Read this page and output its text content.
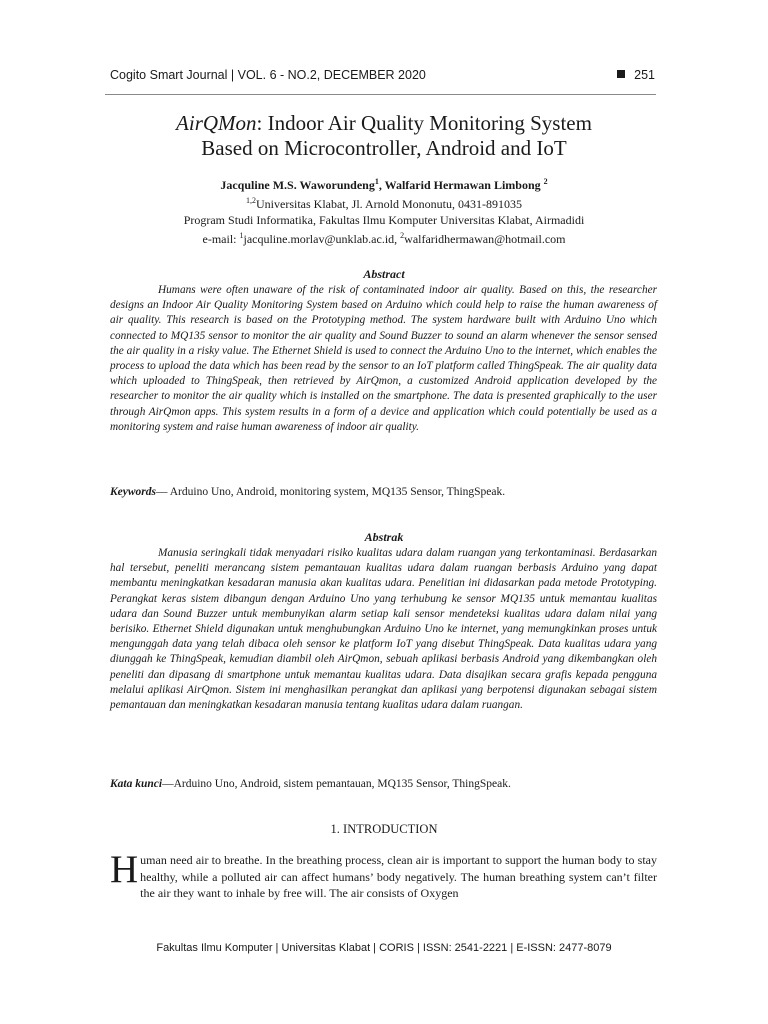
Cogito Smart Journal | VOL. 6 - NO.2, DECEMBER 2020	251
AirQMon: Indoor Air Quality Monitoring System
Based on Microcontroller, Android and IoT
Jacquline M.S. Waworundeng$^1$, Walfarid Hermawan Limbong $^2$
$^{1,2}$Universitas Klabat, Jl. Arnold Mononutu, 0431-891035
Program Studi Informatika, Fakultas Ilmu Komputer Universitas Klabat, Airmadidi
e-mail: $^1$jacquline.morlav@unklab.ac.id, $^2$walfaridhermawan@hotmail.com
Abstract

Humans were often unaware of the risk of contaminated indoor air quality. Based on this, the researcher designs an Indoor Air Quality Monitoring System based on Arduino which could help to raise the human awareness of air quality. This research is based on the Prototyping method. The system hardware built with Arduino Uno which connected to MQ135 sensor to monitor the air quality and Sound Buzzer to sound an alarm whenever the sensor sensed the air quality in a risky value. The Ethernet Shield is used to connect the Arduino Uno to the internet, which enables the process to upload the data which has been read by the sensor to an IoT platform called ThingSpeak. The air quality data which uploaded to ThingSpeak, then retrieved by AirQmon, a customized Android application developed by the researcher to monitor the air quality which is installed on the smartphone. The data is presented graphically to the user through AirQmon apps. This system results in a form of a device and application which could potentially be used as a monitoring system and raise human awareness of indoor air quality.

Keywords— Arduino Uno, Android, monitoring system, MQ135 Sensor, ThingSpeak.
Abstrak

Manusia seringkali tidak menyadari risiko kualitas udara dalam ruangan yang terkontaminasi. Berdasarkan hal tersebut, peneliti merancang sistem pemantauan kualitas udara dalam ruangan berbasis Arduino yang dapat membantu meningkatkan kesadaran manusia akan kualitas udara. Penelitian ini didasarkan pada metode Prototyping. Perangkat keras sistem dibangun dengan Arduino Uno yang terhubung ke sensor MQ135 untuk memantau kualitas udara dan Sound Buzzer untuk membunyikan alarm setiap kali sensor mendeteksi kualitas udara dalam nilai yang berisiko. Ethernet Shield digunakan untuk menghubungkan Arduino Uno ke internet, yang memungkinkan proses untuk mengunggah data yang telah dibaca oleh sensor ke platform IoT yang disebut ThingSpeak. Data kualitas udara yang diunggah ke ThingSpeak, kemudian diambil oleh AirQmon, sebuah aplikasi berbasis Android yang dikembangkan oleh peneliti dan dipasang di smartphone untuk memantau kualitas udara. Data disajikan secara grafis kepada pengguna melalui aplikasi AirQmon. Sistem ini menghasilkan perangkat dan aplikasi yang berpotensi digunakan sebagai sistem pemantauan dan meningkatkan kesadaran manusia tentang kualitas udara dalam ruangan.

Kata kunci—Arduino Uno, Android, sistem pemantauan, MQ135 Sensor, ThingSpeak.
1. INTRODUCTION
Human need air to breathe. In the breathing process, clean air is important to support the human body to stay healthy, while a polluted air can affect humans’ body negatively. The human breathing system can’t filter the air they want to inhale by free will. The air consists of Oxygen
Fakultas Ilmu Komputer | Universitas Klabat | CORIS | ISSN: 2541-2221 | E-ISSN: 2477-8079
